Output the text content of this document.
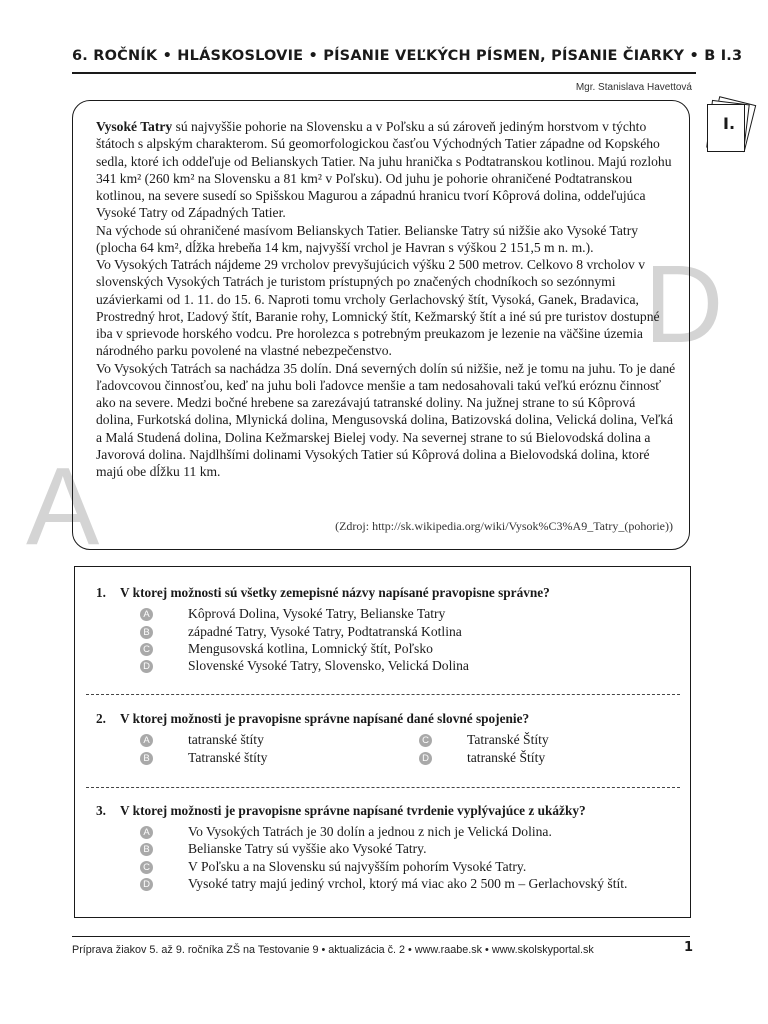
6. ROČNÍK • HLÁSKOSLOVIE • PÍSANIE VEĽKÝCH PÍSMEN, PÍSANIE ČIARKY • B I.3
Mgr. Stanislava Havettová
A
D

Vysoké Tatry sú najvyššie pohorie na Slovensku a v Poľsku a sú zároveň jediným horstvom v týchto štátoch s alpským charakterom. Sú geomorfologickou časťou Východných Tatier západne od Kopského sedla, ktoré ich oddeľuje od Belianskych Tatier. Na juhu hranička s Podtatranskou kotlinou. Majú rozlohu 341 km² (260 km² na Slovensku a 81 km² v Poľsku). Od juhu je pohorie ohraničené Podtatranskou kotlinou, na severe susedí so Spišskou Magurou a západnú hranicu tvorí Kôprová dolina, oddeľujúca Vysoké Tatry od Západných Tatier.
Na východe sú ohraničené masívom Belianskych Tatier. Belianske Tatry sú nižšie ako Vysoké Tatry (plocha 64 km², dĺžka hrebeňa 14 km, najvyšší vrchol je Havran s výškou 2 151,5 m n. m.).
Vo Vysokých Tatrách nájdeme 29 vrcholov prevyšujúcich výšku 2 500 metrov. Celkovo 8 vrcholov v slovenských Vysokých Tatrách je turistom prístupných po značených chodníkoch so sezónnymi uzávierkami od 1. 11. do 15. 6. Naproti tomu vrcholy Gerlachovský štít, Vysoká, Ganek, Bradavica, Prostredný hrot, Ľadový štít, Baranie rohy, Lomnický štít, Kežmarský štít a iné sú pre turistov dostupné iba v sprievode horského vodcu. Pre horolezca s potrebným preukazom je lezenie na väčšine územia národného parku povolené na vlastné nebezpečenstvo.
Vo Vysokých Tatrách sa nachádza 35 dolín. Dná severných dolín sú nižšie, než je tomu na juhu. To je dané ľadovcovou činnosťou, keď na juhu boli ľadovce menšie a tam nedosahovali takú veľkú eróznu činnosť ako na severe. Medzi bočné hrebene sa zarezávajú tatranské doliny. Na južnej strane to sú Kôprová dolina, Furkotská dolina, Mlynická dolina, Mengusovská dolina, Batizovská dolina, Velická dolina, Veľká a Malá Studená dolina, Dolina Kežmarskej Bielej vody. Na severnej strane to sú Bielovodská dolina a Javorová dolina. Najdlhšími dolinami Vysokých Tatier sú Kôprová dolina a Bielovodská dolina, ktoré majú obe dĺžku 11 km.

(Zdroj: http://sk.wikipedia.org/wiki/Vysok%C3%A9_Tatry_(pohorie))
I.
1. V ktorej možnosti sú všetky zemepisné názvy napísané pravopisne správne?
A	Kôprová Dolina, Vysoké Tatry, Belianske Tatry
B	západné Tatry, Vysoké Tatry, Podtatranská Kotlina
C	Mengusovská kotlina, Lomnický štít, Poľsko
D	Slovenské Vysoké Tatry, Slovensko, Velická Dolina
2. V ktorej možnosti je pravopisne správne napísané dané slovné spojenie?
A	tatranské štíty
B	Tatranské štíty
C	Tatranské Štíty
D	tatranské Štíty
3. V ktorej možnosti je pravopisne správne napísané tvrdenie vyplývajúce z ukážky?
A	Vo Vysokých Tatrách je 30 dolín a jednou z nich je Velická Dolina.
B	Belianske Tatry sú vyššie ako Vysoké Tatry.
C	V Poľsku a na Slovensku sú najvyšším pohorím Vysoké Tatry.
D	Vysoké tatry majú jediný vrchol, ktorý má viac ako 2 500 m – Gerlachovský štít.
Príprava žiakov 5. až 9. ročníka ZŠ na Testovanie 9 • aktualizácia č. 2 • www.raabe.sk • www.skolskyportal.sk	1
